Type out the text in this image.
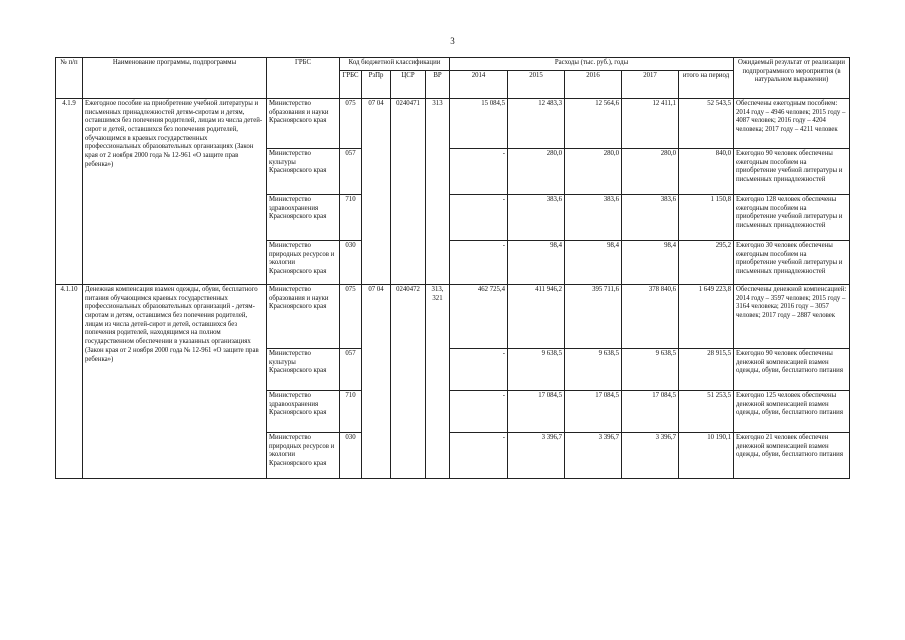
3
№ п/п	Наименование программы, подпрограммы	ГРБС	Код бюджетной классификации				Расходы (тыс. руб.), годы					Ожидаемый результат от реализации подпрограммного мероприятия (в натуральном выражении)
			ГРБС	РзПр	ЦСР	ВР	2014	2015	2016	2017	итого на период	
4.1.9	Ежегодное пособие на приобретение учебной литературы и письменных принадлежностей детям-сиротам и детям, оставшимся без попечения родителей, лицам из числа детей-сирот и детей, оставшихся без попечения родителей, обучающимся в краевых государственных профессиональных образовательных организациях (Закон края от 2 ноября 2000 года № 12-961 «О защите прав ребенка»)	Министерство образования и науки Красноярского края	075	07 04	0240471	313	15 084,5	12 483,3	12 564,6	12 411,1	52 543,5	Обеспечены ежегодным пособием: 2014 году – 4946 человек; 2015 году – 4087 человек; 2016 году – 4204 человека; 2017 году – 4211 человек
		Министерство культуры Красноярского края	057				-	280,0	280,0	280,0	840,0	Ежегодно 90 человек обеспечены ежегодным пособием на приобретение учебной литературы и письменных принадлежностей
		Министерство здравоохранения Красноярского края	710				-	383,6	383,6	383,6	1 150,8	Ежегодно 128 человек обеспечены ежегодным пособием на приобретение учебной литературы и письменных принадлежностей
		Министерство природных ресурсов и экологии Красноярского края	030				-	98,4	98,4	98,4	295,2	Ежегодно 30 человек обеспечены ежегодным пособием на приобретение учебной литературы и письменных принадлежностей
4.1.10	Денежная компенсация взамен одежды, обуви, бесплатного питания обучающимся краевых государственных профессиональных образовательных организаций - детям-сиротам и детям, оставшимся без попечения родителей, лицам из числа детей-сирот и детей, оставшихся без попечения родителей, находящимся на полном государственном обеспечении в указанных организациях (Закон края от 2 ноября 2000 года № 12-961 «О защите прав ребенка»)	Министерство образования и науки Красноярского края	075	07 04	0240472	313, 321	462 725,4	411 946,2	395 711,6	378 840,6	1 649 223,8	Обеспечены денежной компенсацией: 2014 году – 3597 человек; 2015 году – 3164 человека; 2016 году – 3057 человек; 2017 году – 2887 человек
		Министерство культуры Красноярского края	057				-	9 638,5	9 638,5	9 638,5	28 915,5	Ежегодно 90 человек обеспечены денежной компенсацией взамен одежды, обуви, бесплатного питания
		Министерство здравоохранения Красноярского края	710				-	17 084,5	17 084,5	17 084,5	51 253,5	Ежегодно 125 человек обеспечены денежной компенсацией взамен одежды, обуви, бесплатного питания
		Министерство природных ресурсов и экологии Красноярского края	030				-	3 396,7	3 396,7	3 396,7	10 190,1	Ежегодно 21 человек обеспечен денежной компенсацией взамен одежды, обуви, бесплатного питания
